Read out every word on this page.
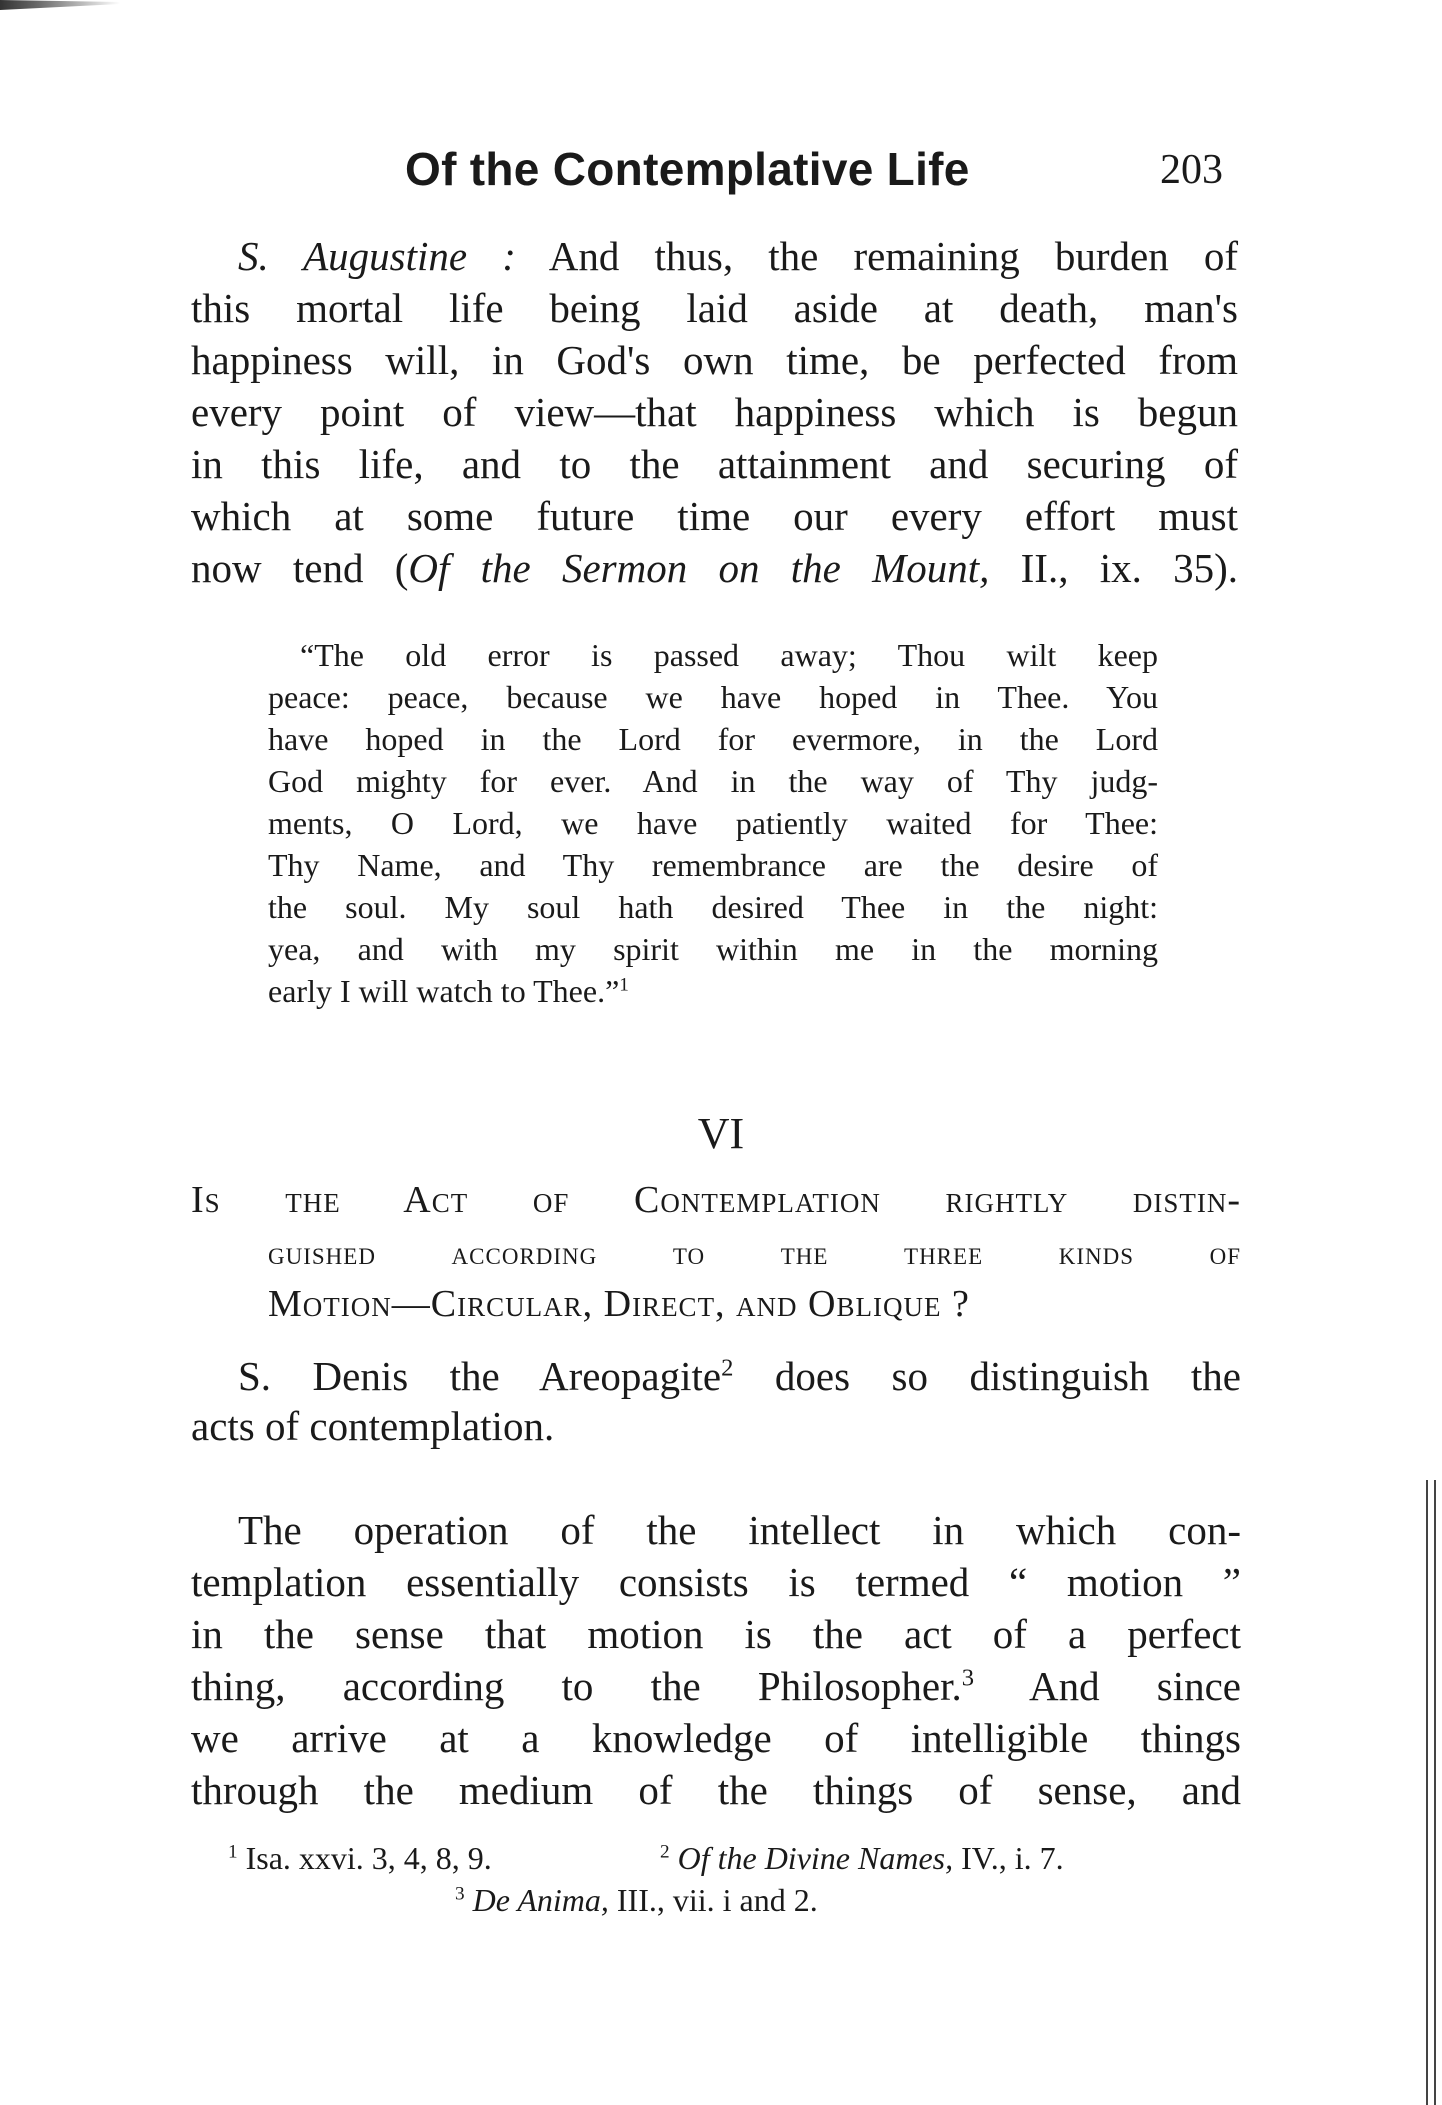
Of the Contemplative Life	203
S. Augustine : And thus, the remaining burden of
this mortal life being laid aside at death, man's
happiness will, in God's own time, be perfected from
every point of view—that happiness which is begun
in this life, and to the attainment and securing of
which at some future time our every effort must
now tend (Of the Sermon on the Mount, II., ix. 35).
“The old error is passed away; Thou wilt keep
peace: peace, because we have hoped in Thee. You
have hoped in the Lord for evermore, in the Lord
God mighty for ever. And in the way of Thy judg-
ments, O Lord, we have patiently waited for Thee:
Thy Name, and Thy remembrance are the desire of
the soul. My soul hath desired Thee in the night:
yea, and with my spirit within me in the morning
early I will watch to Thee.”$^1$
VI
Is the Act of Contemplation rightly distin-
guished according to the three kinds of
Motion—Circular, Direct, and Oblique ?
S. Denis the Areopagite$^2$ does so distinguish the
acts of contemplation.
The operation of the intellect in which con-
templation essentially consists is termed “ motion ”
in the sense that motion is the act of a perfect
thing, according to the Philosopher.$^3$ And since
we arrive at a knowledge of intelligible things
through the medium of the things of sense, and
$^1$ Isa. xxvi. 3, 4, 8, 9.	$^2$ Of the Divine Names, IV., i. 7.
$^3$ De Anima, III., vii. i and 2.
